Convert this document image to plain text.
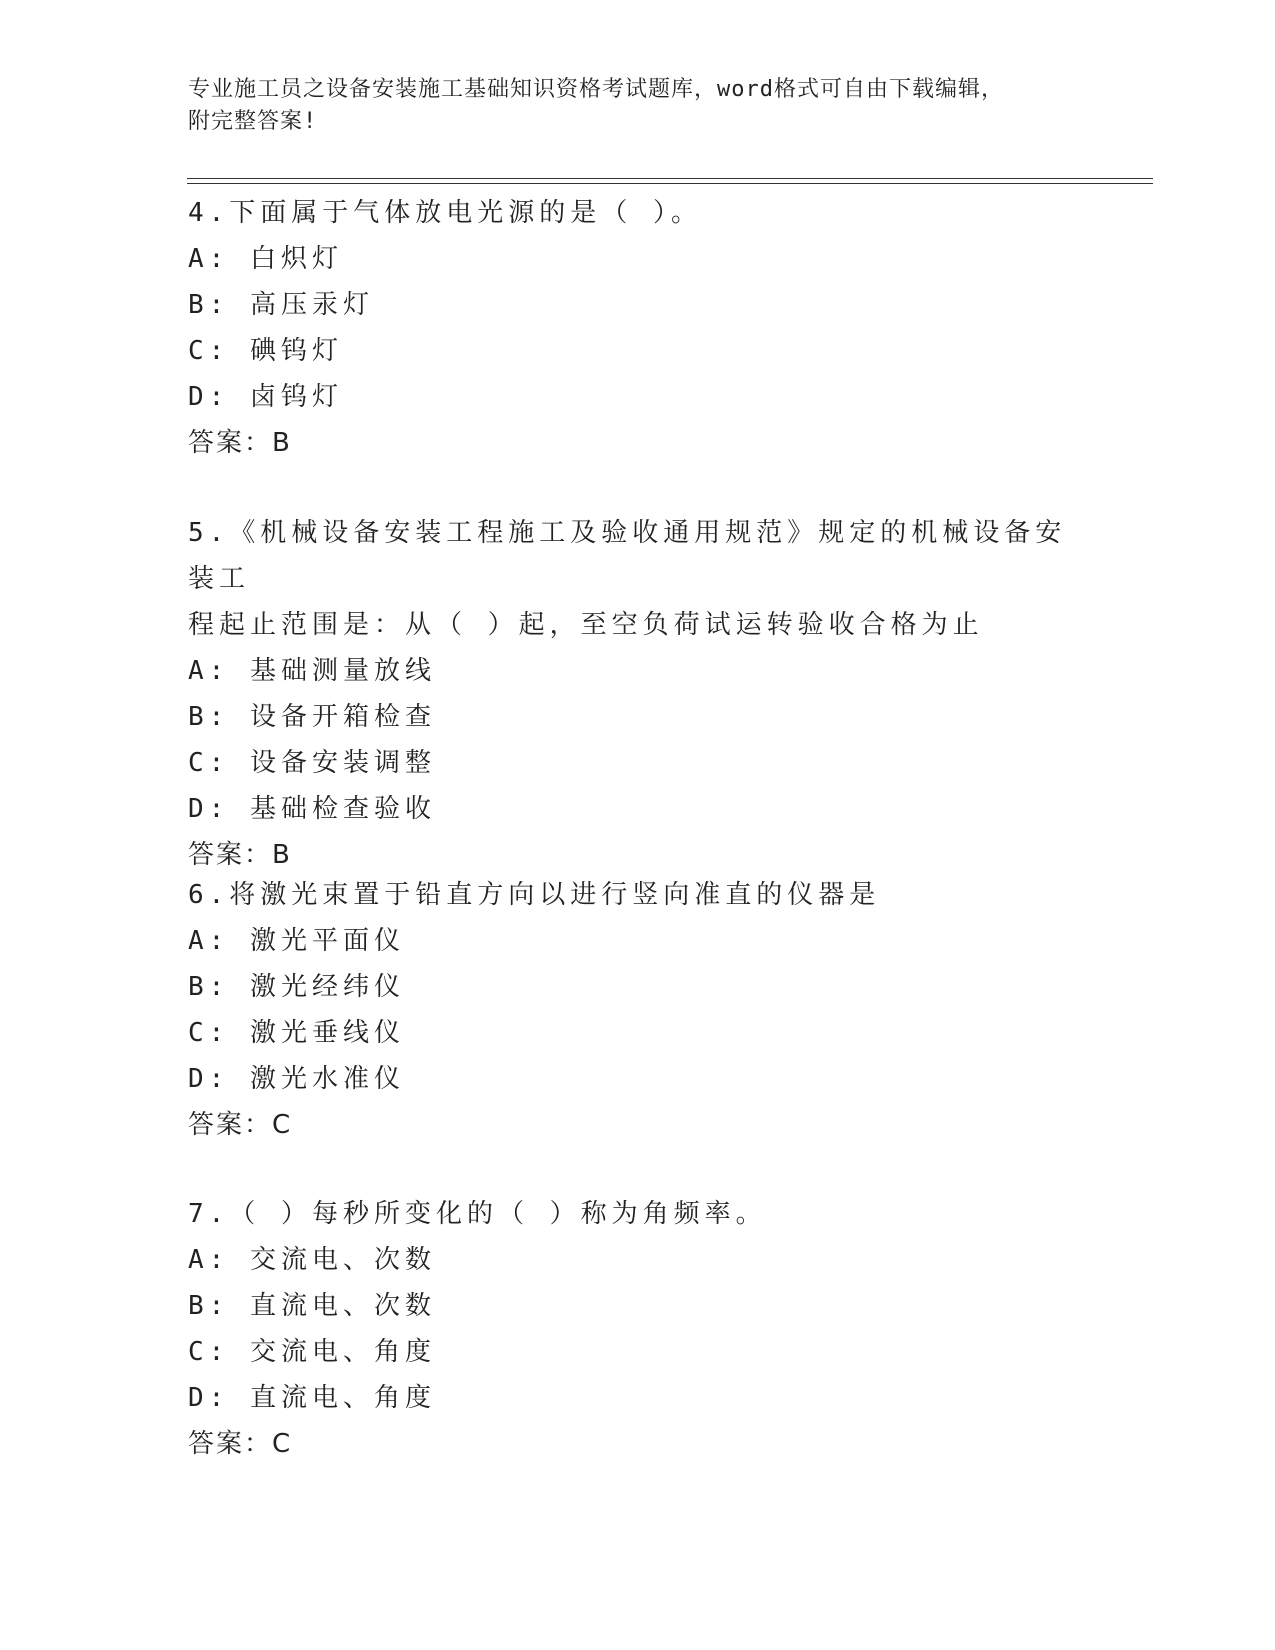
专业施工员之设备安装施工基础知识资格考试题库，word格式可自由下载编辑，
附完整答案!

4.下面属于气体放电光源的是（ ）。

A: 白炽灯
B: 高压汞灯
C: 碘钨灯
D: 卤钨灯
答案：B

5.《机械设备安装工程施工及验收通用规范》规定的机械设备安装工

程起止范围是：从（ ）起，至空负荷试运转验收合格为止

A: 基础测量放线
B: 设备开箱检查
C: 设备安装调整
D: 基础检查验收
答案：B

6.将激光束置于铅直方向以进行竖向准直的仪器是

A: 激光平面仪
B: 激光经纬仪
C: 激光垂线仪
D: 激光水准仪
答案：C

7.（ ）每秒所变化的（ ）称为角频率。

A: 交流电、次数
B: 直流电、次数
C: 交流电、角度
D: 直流电、角度
答案：C
